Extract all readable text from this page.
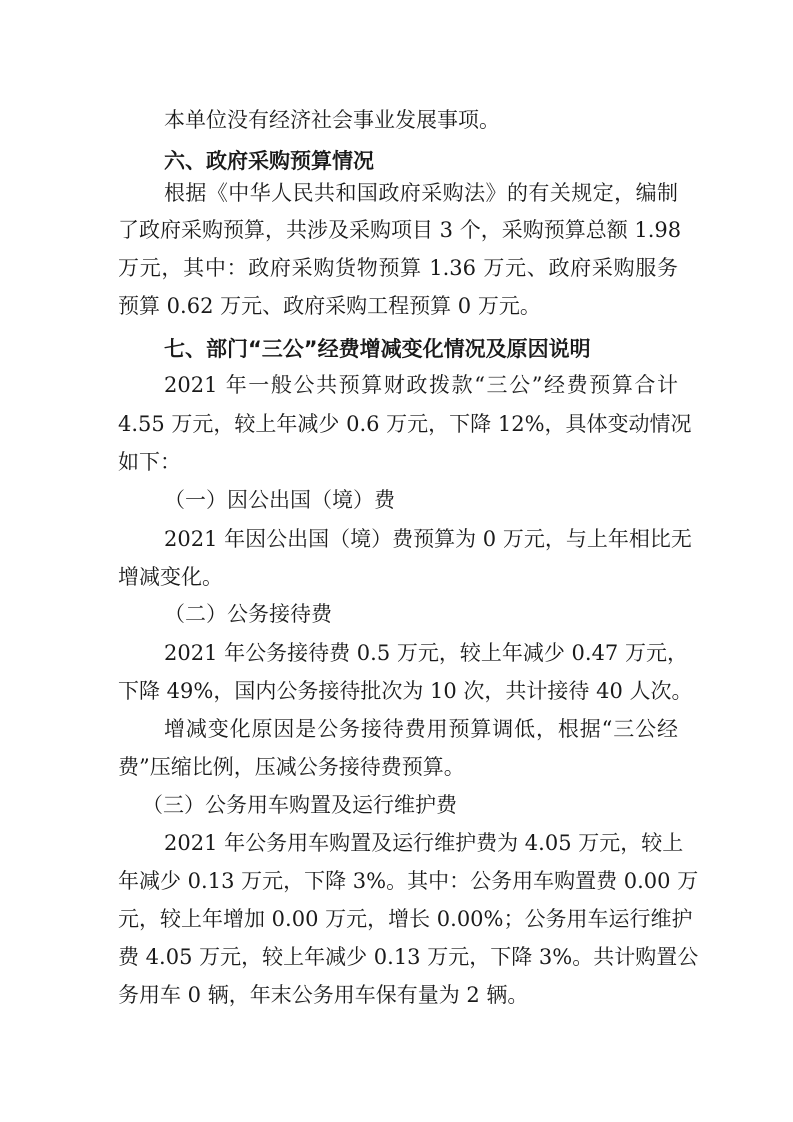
本单位没有经济社会事业发展事项。
六、政府采购预算情况
根据《中华人民共和国政府采购法》的有关规定，编制
了政府采购预算，共涉及采购项目 3 个，采购预算总额 1.98
万元，其中：政府采购货物预算 1.36 万元、政府采购服务
预算 0.62 万元、政府采购工程预算 0 万元。
七、部门“三公”经费增减变化情况及原因说明
2021 年一般公共预算财政拨款“三公”经费预算合计
4.55 万元，较上年减少 0.6 万元，下降 12%，具体变动情况
如下：
（一）因公出国（境）费
2021 年因公出国（境）费预算为 0 万元，与上年相比无
增减变化。
（二）公务接待费
2021 年公务接待费 0.5 万元，较上年减少 0.47 万元，
下降 49%，国内公务接待批次为 10 次，共计接待 40 人次。
增减变化原因是公务接待费用预算调低，根据“三公经
费”压缩比例，压减公务接待费预算。
（三）公务用车购置及运行维护费
2021 年公务用车购置及运行维护费为 4.05 万元，较上
年减少 0.13 万元，下降 3%。其中：公务用车购置费 0.00 万
元，较上年增加 0.00 万元，增长 0.00%；公务用车运行维护
费 4.05 万元，较上年减少 0.13 万元，下降 3%。共计购置公
务用车 0 辆，年末公务用车保有量为 2 辆。
